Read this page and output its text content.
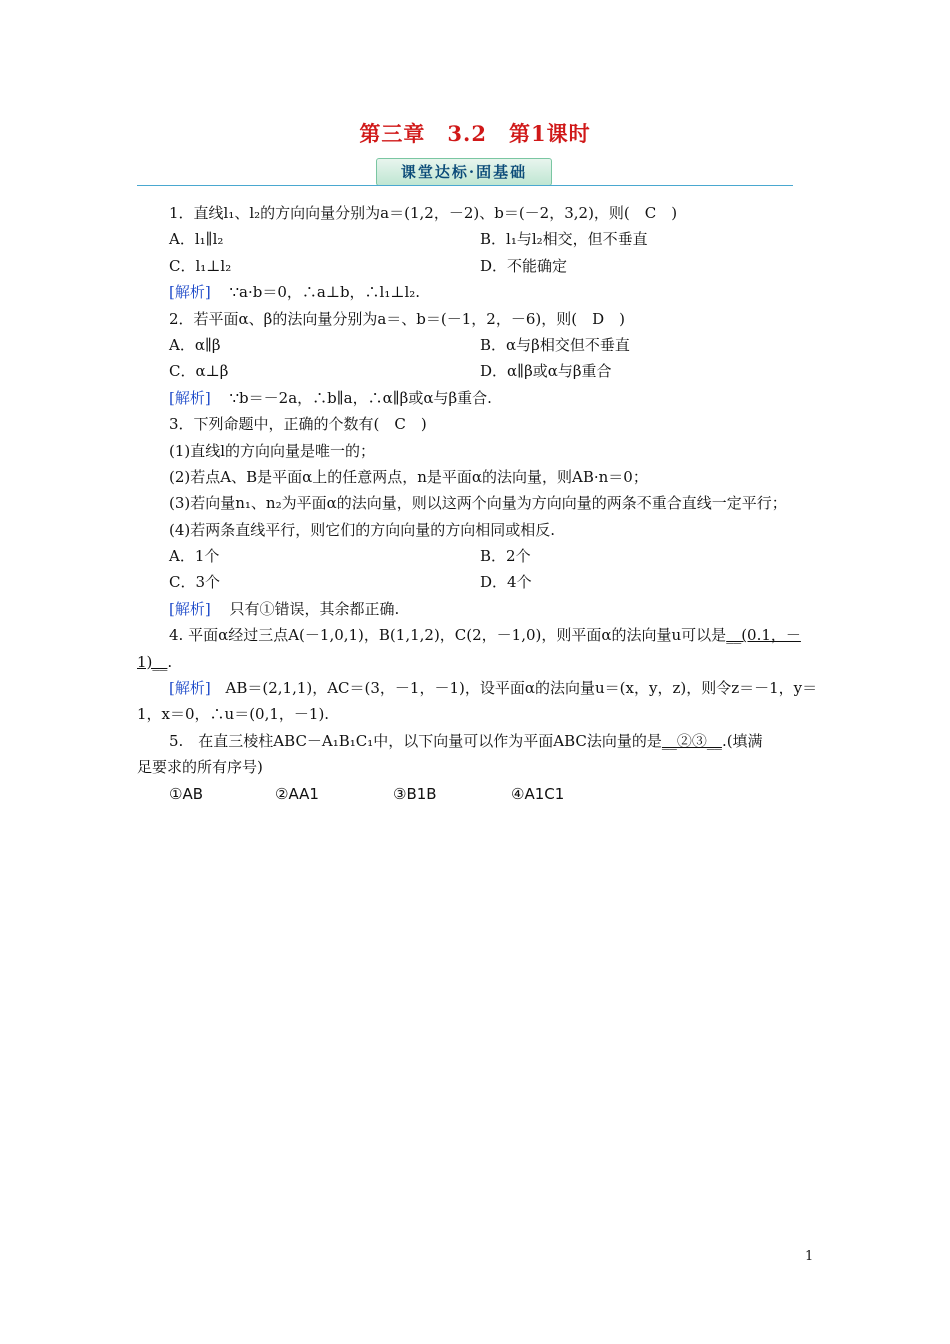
第三章　3.2　第1课时
课堂达标·固基础
1．直线l₁、l₂的方向向量分别为a＝(1,2，－2)、b＝(－2，3,2)，则(　C　)
A．l₁∥l₂	B．l₁与l₂相交，但不垂直
C．l₁⊥l₂	D．不能确定
[解析] ∵a·b＝0，∴a⊥b，∴l₁⊥l₂.
2．若平面α、β的法向量分别为a＝、b＝(－1，2，－6)，则(　D　)
A．α∥β	B．α与β相交但不垂直
C．α⊥β	D．α∥β或α与β重合
[解析] ∵b＝－2a，∴b∥a，∴α∥β或α与β重合.
3．下列命题中，正确的个数有(　C　)
(1)直线l的方向向量是唯一的；
(2)若点A、B是平面α上的任意两点，n是平面α的法向量，则AB·n＝0；
(3)若向量n₁、n₂为平面α的法向量，则以这两个向量为方向向量的两条不重合直线一定平行；
(4)若两条直线平行，则它们的方向向量的方向相同或相反.
A．1个	B．2个
C．3个	D．4个
[解析] 只有①错误，其余都正确.
4. 平面α经过三点A(－1,0,1)，B(1,1,2)，C(2，－1,0)，则平面α的法向量u可以是__(0.1，－
1)__.
[解析] AB＝(2,1,1)，AC＝(3，－1，－1)，设平面α的法向量u＝(x，y，z)，则令z＝－1，y＝
1，x＝0，∴u＝(0,1，－1).
5.　在直三棱柱ABC－A₁B₁C₁中，以下向量可以作为平面ABC法向量的是__②③__.(填满
足要求的所有序号)
①AB	②AA1	③B1B	④A1C1
1
